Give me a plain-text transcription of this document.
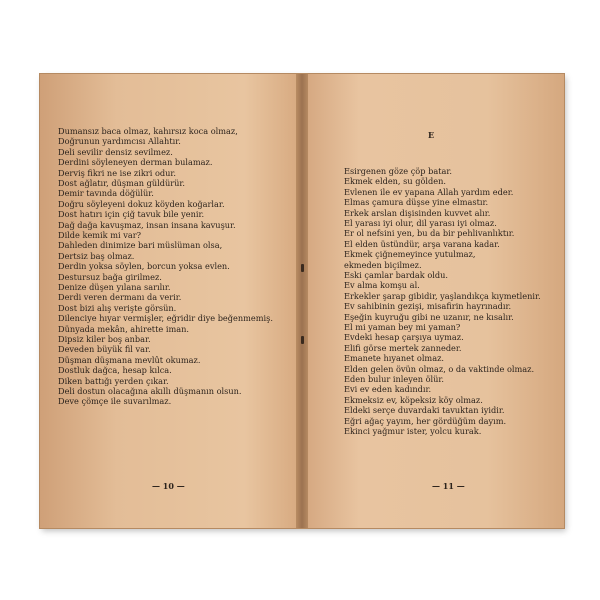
— 10 —
Dumansız baca olmaz, kahırsız koca olmaz,
Doğrunun yardımcısı Allahtır.
Deli sevilir densiz sevilmez.
Derdini söyleneyen derman bulamaz.
Derviş fikri ne ise zikri odur.
Dost ağlatır, düşman güldürür.
Demir tavında döğülür.
Doğru söyleyeni dokuz köyden koğarlar.
Dost hatırı için çiğ tavuk bile yenir.
Dağ dağa kavuşmaz, insan insana kavuşur.
Dilde kemik mi var?
Dahleden dinimize bari müslüman olsa,
Dertsiz baş olmaz.
Derdin yoksa söylen, borcun yoksa evlen.
Destursuz bağa girilmez.
Denize düşen yılana sarılır.
Derdi veren dermanı da verir.
Dost bizi alış verişte görsün.
Dilenciye hıyar vermişler, eğridir diye beğenmemiş.
Dünyada mekân, ahirette iman.
Dipsiz kiler boş anbar.
Deveden büyük fil var.
Düşman düşmana mevlût okumaz.
Dostluk dağca, hesap kılca.
Diken battığı yerden çıkar.
Deli dostun olacağına akıllı düşmanın olsun.
Deve çömçe ile suvarılmaz.
E
— 11 —
Esirgenen göze çöp batar.
Ekmek elden, su gölden.
Evlenen ile ev yapana Allah yardım eder.
Elmas çamura düşse yine elmastır.
Erkek arslan dişisinden kuvvet alır.
El yarası iyi olur, dil yarası iyi olmaz.
Er ol nefsini yen, bu da bir pehlivanlıktır.
El elden üstündür, arşa varana kadar.
Ekmek çiğnemeyince yutulmaz,
ekmeden biçilmez.
Eski çamlar bardak oldu.
Ev alma komşu al.
Erkekler şarap gibidir, yaşlandıkça kıymetlenir.
Ev sahibinin gezişi, misafirin hayrınadır.
Eşeğin kuyruğu gibi ne uzanır, ne kısalır.
El mi yaman bey mi yaman?
Evdeki hesap çarşıya uymaz.
Elifi görse mertek zanneder.
Emanete hıyanet olmaz.
Elden gelen övün olmaz, o da vaktinde olmaz.
Eden bulur inleyen ölür.
Evi ev eden kadındır.
Ekmeksiz ev, köpeksiz köy olmaz.
Eldeki serçe duvardaki tavuktan iyidir.
Eğri ağaç yayım, her gördüğüm dayım.
Ekinci yağmur ister, yolcu kurak.
